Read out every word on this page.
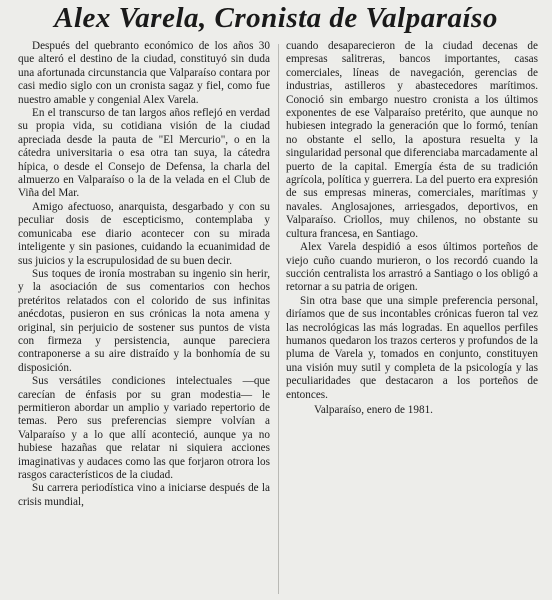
Alex Varela, Cronista de Valparaíso

Después del quebranto económico de los años 30 que alteró el destino de la ciudad, constituyó sin duda una afortunada circunstancia que Valparaíso contara por casi medio siglo con un cronista sagaz y fiel, como fue nuestro amable y congenial Alex Varela.

En el transcurso de tan largos años reflejó en verdad su propia vida, su cotidiana visión de la ciudad apreciada desde la pauta de "El Mercurio", o en la cátedra universitaria o esa otra tan suya, la cátedra hípica, o desde el Consejo de Defensa, la charla del almuerzo en Valparaíso o la de la velada en el Club de Viña del Mar.

Amigo afectuoso, anarquista, desgarbado y con su peculiar dosis de escepticismo, contemplaba y comunicaba ese diario acontecer con su mirada inteligente y sin pasiones, cuidando la ecuanimidad de sus juicios y la escrupulosidad de su buen decir.

Sus toques de ironía mostraban su ingenio sin herir, y la asociación de sus comentarios con hechos pretéritos relatados con el colorido de sus infinitas anécdotas, pusieron en sus crónicas la nota amena y original, sin perjuicio de sostener sus puntos de vista con firmeza y persistencia, aunque pareciera contraponerse a su aire distraído y la bonhomía de su disposición.

Sus versátiles condiciones intelectuales —que carecían de énfasis por su gran modestia— le permitieron abordar un amplio y variado repertorio de temas. Pero sus preferencias siempre volvían a Valparaíso y a lo que allí aconteció, aunque ya no hubiese hazañas que relatar ni siquiera acciones imaginativas y audaces como las que forjaron otrora los rasgos característicos de la ciudad.

Su carrera periodística vino a iniciarse después de la crisis mundial,

cuando desaparecieron de la ciudad decenas de empresas salitreras, bancos importantes, casas comerciales, líneas de navegación, gerencias de industrias, astilleros y abastecedores marítimos. Conoció sin embargo nuestro cronista a los últimos exponentes de ese Valparaíso pretérito, que aunque no hubiesen integrado la generación que lo formó, tenían no obstante el sello, la apostura resuelta y la singularidad personal que diferenciaba marcadamente al puerto de la capital. Emergía ésta de su tradición agrícola, política y guerrera. La del puerto era expresión de sus empresas mineras, comerciales, marítimas y navales. Anglosajones, arriesgados, deportivos, en Valparaíso. Criollos, muy chilenos, no obstante su cultura francesa, en Santiago.

Alex Varela despidió a esos últimos porteños de viejo cuño cuando murieron, o los recordó cuando la succión centralista los arrastró a Santiago o los obligó a retornar a su patria de origen.

Sin otra base que una simple preferencia personal, diríamos que de sus incontables crónicas fueron tal vez las necrológicas las más logradas. En aquellos perfiles humanos quedaron los trazos certeros y profundos de la pluma de Varela y, tomados en conjunto, constituyen una visión muy sutil y completa de la psicología y las peculiaridades que destacaron a los porteños de entonces.

Valparaíso, enero de 1981.
